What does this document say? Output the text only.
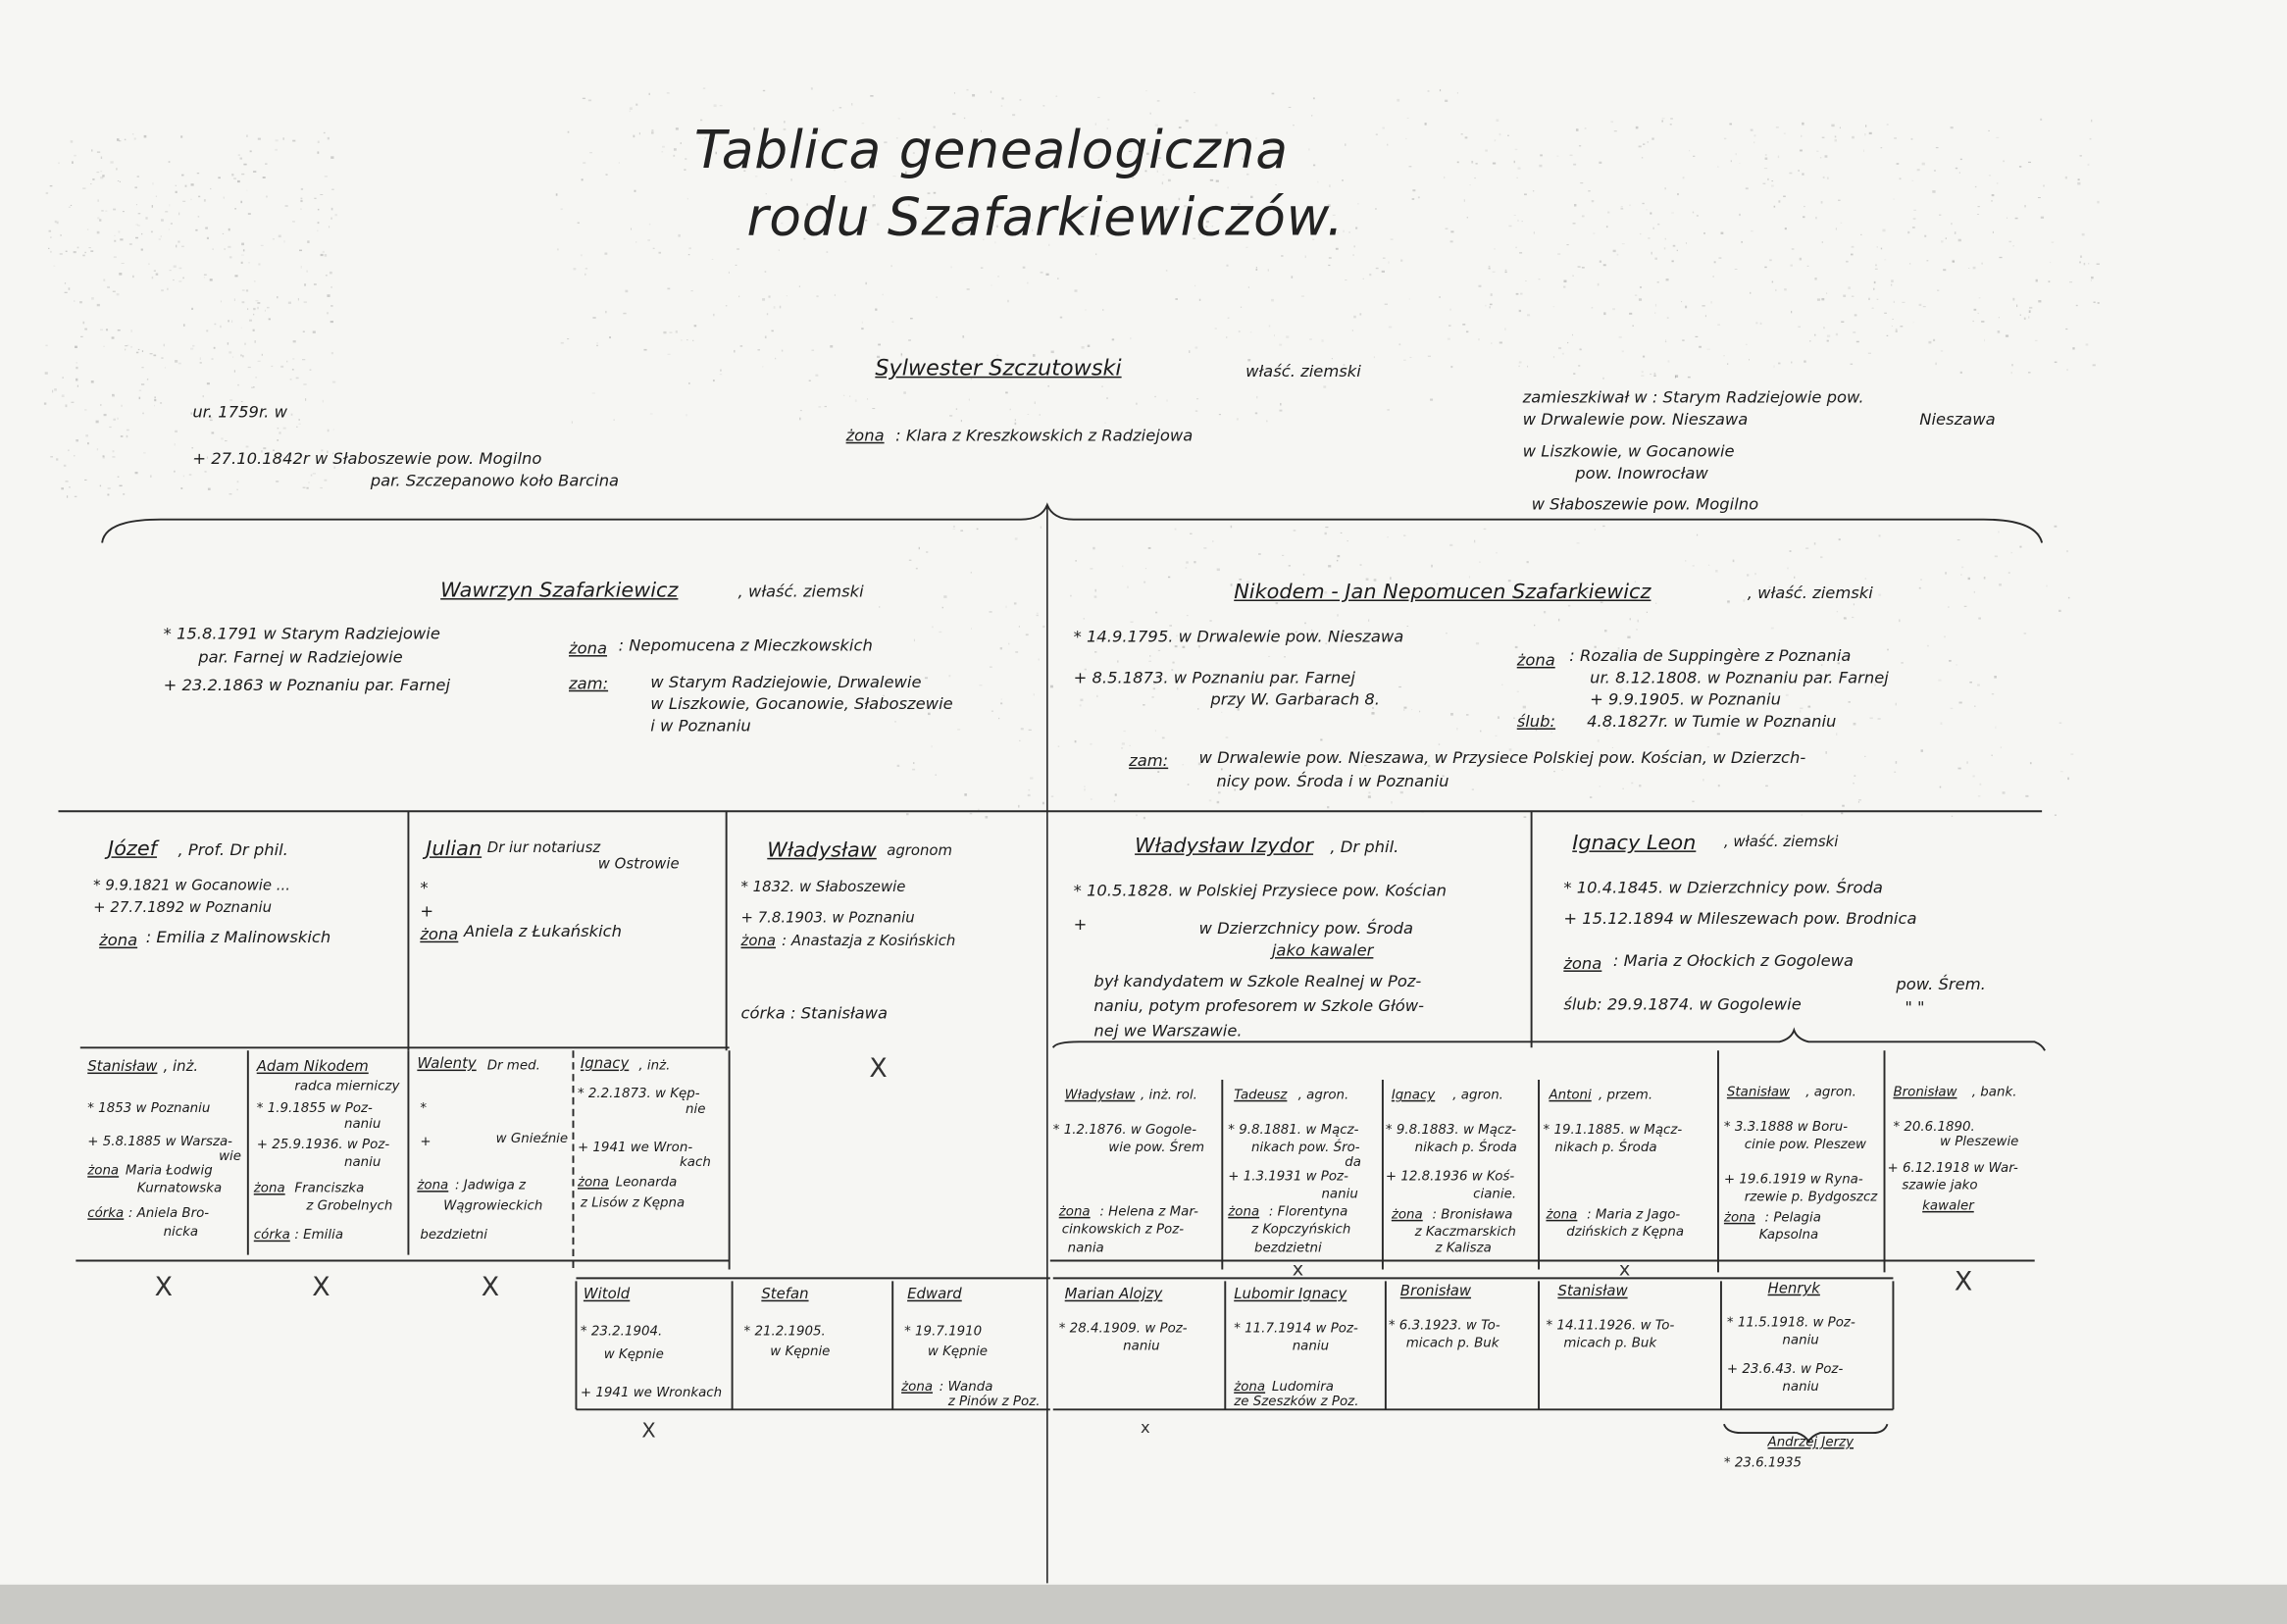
Tablica genealogiczna
rodu Szafarkiewiczów.
Sylwester Szczutowski	właść. ziemski
ur. 1759r. w
+ 27.10.1842r w Słaboszewie pow. Mogilno
par. Szczepanowo koło Barcina
żona : Klara z Kreszkowskich z Radziejowa
zamieszkiwał w : Starym Radziejowie pow.
w Drwalewie pow. Nieszawa	Nieszawa
w Liszkowie, w Gocanowie
pow. Inowrocław
w Słaboszewie pow. Mogilno
Wawrzyn Szafarkiewicz	, właść. ziemski
* 15.8.1791 w Starym Radziejowie
par. Farnej w Radziejowie
+ 23.2.1863 w Poznaniu par. Farnej
żona : Nepomucena z Mieczkowskich
zam:	w Starym Radziejowie, Drwalewie
w Liszkowie, Gocanowie, Słaboszewie
i w Poznaniu
Nikodem - Jan Nepomucen Szafarkiewicz	, właść. ziemski
* 14.9.1795. w Drwalewie pow. Nieszawa
+ 8.5.1873. w Poznaniu par. Farnej
przy W. Garbarach 8.
żona : Rozalia de Suppingère z Poznania
ur. 8.12.1808. w Poznaniu par. Farnej
+ 9.9.1905. w Poznaniu
ślub:	4.8.1827r. w Tumie w Poznaniu
zam:	w Drwalewie pow. Nieszawa, w Przysiece Polskiej pow. Kościan, w Dzierzch-
nicy pow. Środa i w Poznaniu
Józef , Prof. Dr phil.
* 9.9.1821 w Gocanowie ...
+ 27.7.1892 w Poznaniu
żona : Emilia z Malinowskich
Julian Dr iur notariusz
w Ostrowie
*
+
żona Aniela z Łukańskich
Władysław agronom
* 1832. w Słaboszewie
+ 7.8.1903. w Poznaniu
żona : Anastazja z Kosińskich
córka : Stanisława
X
Władysław Izydor , Dr phil.
* 10.5.1828. w Polskiej Przysiece pow. Kościan
+	w Dzierzchnicy pow. Środa
jako kawaler
był kandydatem w Szkole Realnej w Poz-
naniu, potym profesorem w Szkole Głów-
nej we Warszawie.
Ignacy Leon	, właść. ziemski
* 10.4.1845. w Dzierzchnicy pow. Środa
+ 15.12.1894 w Mileszewach pow. Brodnica
żona : Maria z Ołockich z Gogolewa
pow. Śrem.
ślub: 29.9.1874. w Gogolewie	" "
Stanisław , inż.
* 1853 w Poznaniu
+ 5.8.1885 w Warsza-
wie
żona Maria Łodwig
Kurnatowska
córka : Aniela Bro-
nicka
Adam Nikodem
radca mierniczy
* 1.9.1855 w Poz-
naniu
+ 25.9.1936. w Poz-
naniu
żona Franciszka
z Grobelnych
córka : Emilia
Walenty Dr med.
*
+	w Gnieźnie
żona : Jadwiga z
Wągrowieckich
bezdzietni
Ignacy , inż.
* 2.2.1873. w Kęp-
nie
+ 1941 we Wron-
kach
żona Leonarda
z Lisów z Kępna
Władysław , inż. rol.
* 1.2.1876. w Gogole-
wie pow. Śrem
żona : Helena z Mar-
cinkowskich z Poz-
nania
Tadeusz , agron.
* 9.8.1881. w Mącz-
nikach pow. Śro-
da
+ 1.3.1931 w Poz-
naniu
żona : Florentyna
z Kopczyńskich
bezdzietni
Ignacy , agron.
* 9.8.1883. w Mącz-
nikach p. Środa
+ 12.8.1936 w Koś-
cianie.
żona : Bronisława
z Kaczmarskich
z Kalisza
Antoni , przem.
* 19.1.1885. w Mącz-
nikach p. Środa
żona : Maria z Jago-
dzińskich z Kępna
Stanisław , agron.
* 3.3.1888 w Boru-
cinie pow. Pleszew
+ 19.6.1919 w Ryna-
rzewie p. Bydgoszcz
żona : Pelagia
Kapsolna
Bronisław , bank.
* 20.6.1890.
w Pleszewie
+ 6.12.1918 w War-
szawie jako
kawaler
X	X	X	X
x	x
Witold
* 23.2.1904.
w Kępnie
+ 1941 we Wronkach
Stefan
* 21.2.1905.
w Kępnie
Edward
* 19.7.1910
w Kępnie
żona : Wanda
z Pinów z Poz.
Marian Alojzy
* 28.4.1909. w Poz-
naniu
Lubomir Ignacy
* 11.7.1914 w Poz-
naniu
żona Ludomira
ze Szeszków z Poz.
Bronisław
* 6.3.1923. w To-
micach p. Buk
Stanisław
* 14.11.1926. w To-
micach p. Buk
Henryk
* 11.5.1918. w Poz-
naniu
+ 23.6.43. w Poz-
naniu
X	x
Andrzej Jerzy
* 23.6.1935
